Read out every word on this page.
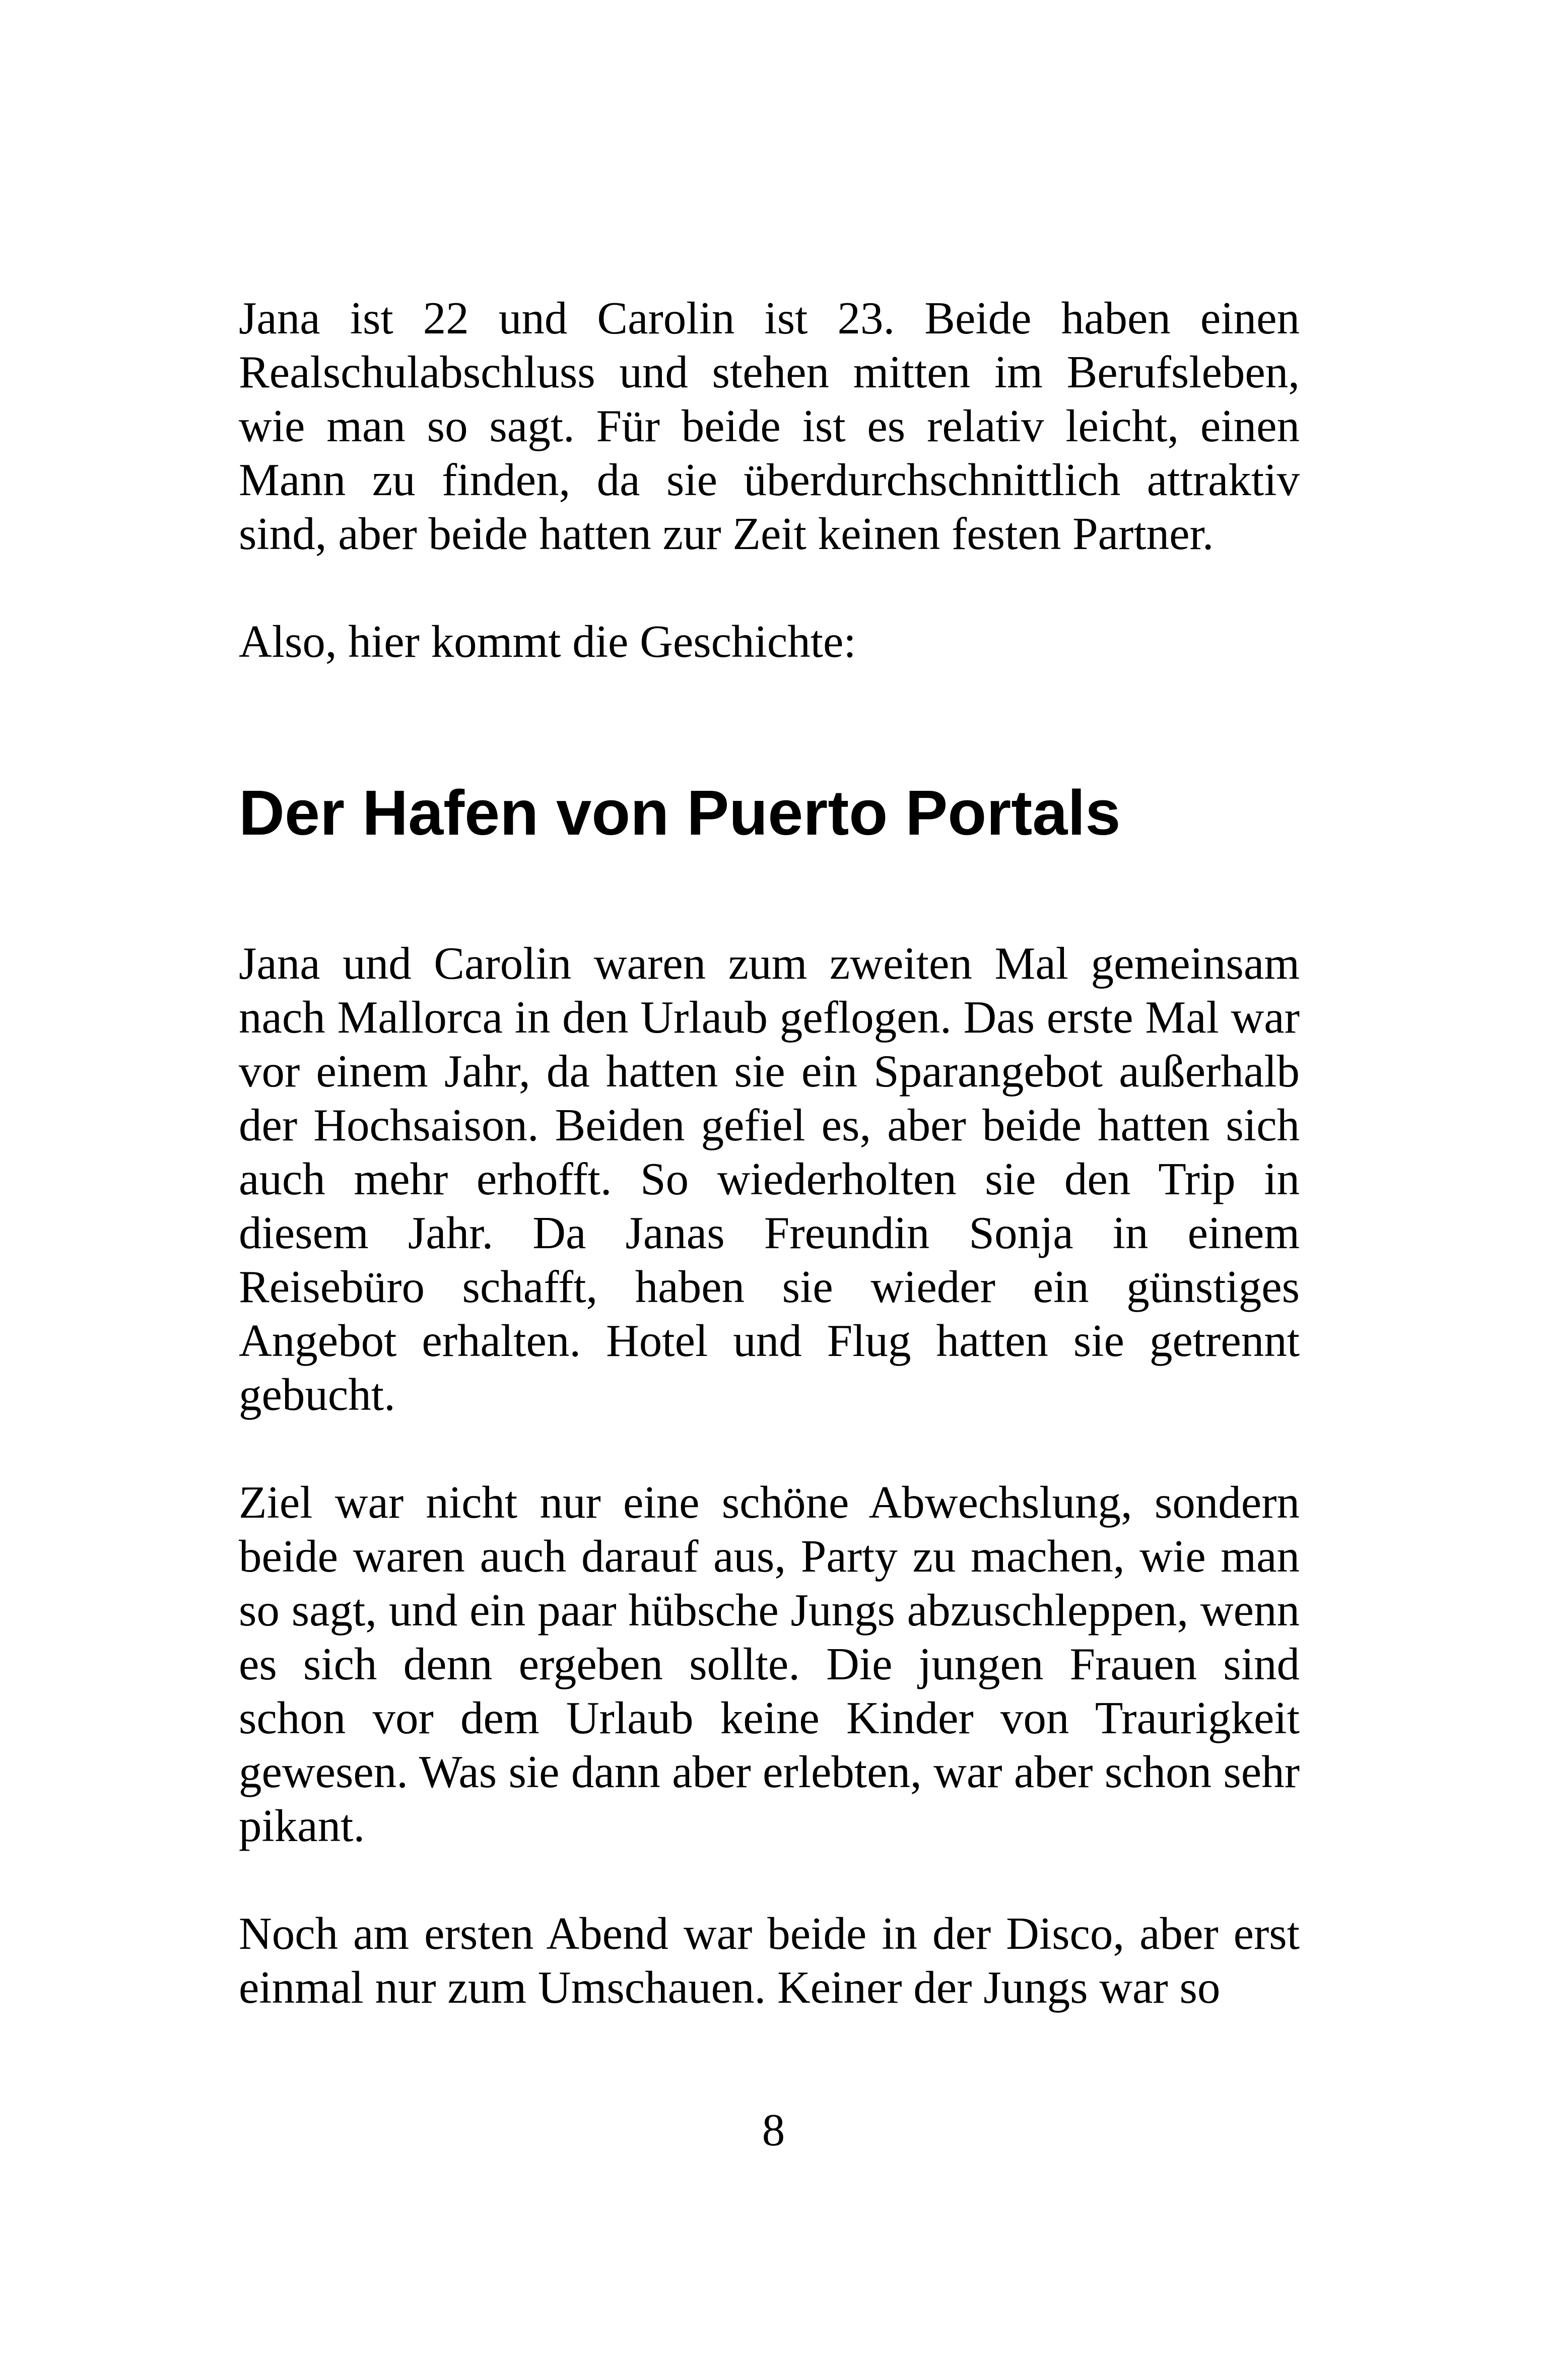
Jana ist 22 und Carolin ist 23. Beide haben einen Realschulabschluss und stehen mitten im Berufsleben, wie man so sagt. Für beide ist es relativ leicht, einen Mann zu finden, da sie überdurchschnittlich attraktiv sind, aber beide hatten zur Zeit keinen festen Partner.

Also, hier kommt die Geschichte:

Der Hafen von Puerto Portals

Jana und Carolin waren zum zweiten Mal gemeinsam nach Mallorca in den Urlaub geflogen. Das erste Mal war vor einem Jahr, da hatten sie ein Sparangebot außerhalb der Hochsaison. Beiden gefiel es, aber beide hatten sich auch mehr erhofft. So wiederholten sie den Trip in diesem Jahr. Da Janas Freundin Sonja in einem Reisebüro schafft, haben sie wieder ein günstiges Angebot erhalten. Hotel und Flug hatten sie getrennt gebucht.

Ziel war nicht nur eine schöne Abwechslung, sondern beide waren auch darauf aus, Party zu machen, wie man so sagt, und ein paar hübsche Jungs abzuschleppen, wenn es sich denn ergeben sollte. Die jungen Frauen sind schon vor dem Urlaub keine Kinder von Traurigkeit gewesen. Was sie dann aber erlebten, war aber schon sehr pikant.

Noch am ersten Abend war beide in der Disco, aber erst einmal nur zum Umschauen. Keiner der Jungs war so

8
